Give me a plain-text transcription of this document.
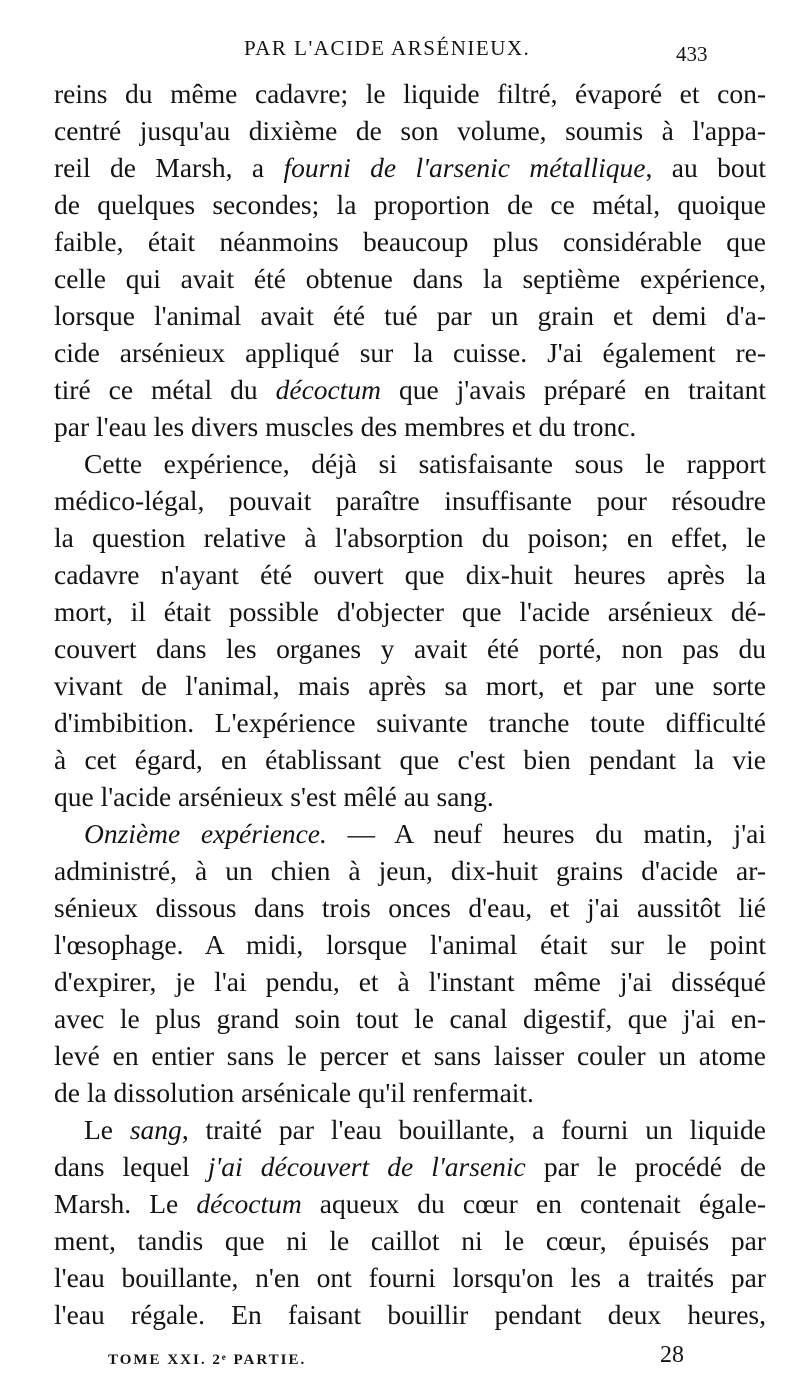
PAR L'ACIDE ARSÉNIEUX.	433
reins du même cadavre; le liquide filtré, évaporé et con-
centré jusqu'au dixième de son volume, soumis à l'appa-
reil de Marsh, a fourni de l'arsenic métallique, au bout
de quelques secondes; la proportion de ce métal, quoique
faible, était néanmoins beaucoup plus considérable que
celle qui avait été obtenue dans la septième expérience,
lorsque l'animal avait été tué par un grain et demi d'a-
cide arsénieux appliqué sur la cuisse. J'ai également re-
tiré ce métal du décoctum que j'avais préparé en traitant
par l'eau les divers muscles des membres et du tronc.
Cette expérience, déjà si satisfaisante sous le rapport
médico-légal, pouvait paraître insuffisante pour résoudre
la question relative à l'absorption du poison; en effet, le
cadavre n'ayant été ouvert que dix-huit heures après la
mort, il était possible d'objecter que l'acide arsénieux dé-
couvert dans les organes y avait été porté, non pas du
vivant de l'animal, mais après sa mort, et par une sorte
d'imbibition. L'expérience suivante tranche toute difficulté
à cet égard, en établissant que c'est bien pendant la vie
que l'acide arsénieux s'est mêlé au sang.
Onzième expérience. — A neuf heures du matin, j'ai
administré, à un chien à jeun, dix-huit grains d'acide ar-
sénieux dissous dans trois onces d'eau, et j'ai aussitôt lié
l'œsophage. A midi, lorsque l'animal était sur le point
d'expirer, je l'ai pendu, et à l'instant même j'ai disséqué
avec le plus grand soin tout le canal digestif, que j'ai en-
levé en entier sans le percer et sans laisser couler un atome
de la dissolution arsénicale qu'il renfermait.
Le sang, traité par l'eau bouillante, a fourni un liquide
dans lequel j'ai découvert de l'arsenic par le procédé de
Marsh. Le décoctum aqueux du cœur en contenait égale-
ment, tandis que ni le caillot ni le cœur, épuisés par
l'eau bouillante, n'en ont fourni lorsqu'on les a traités par
l'eau régale. En faisant bouillir pendant deux heures,
TOME XXI. 2ᵉ PARTIE.	28
